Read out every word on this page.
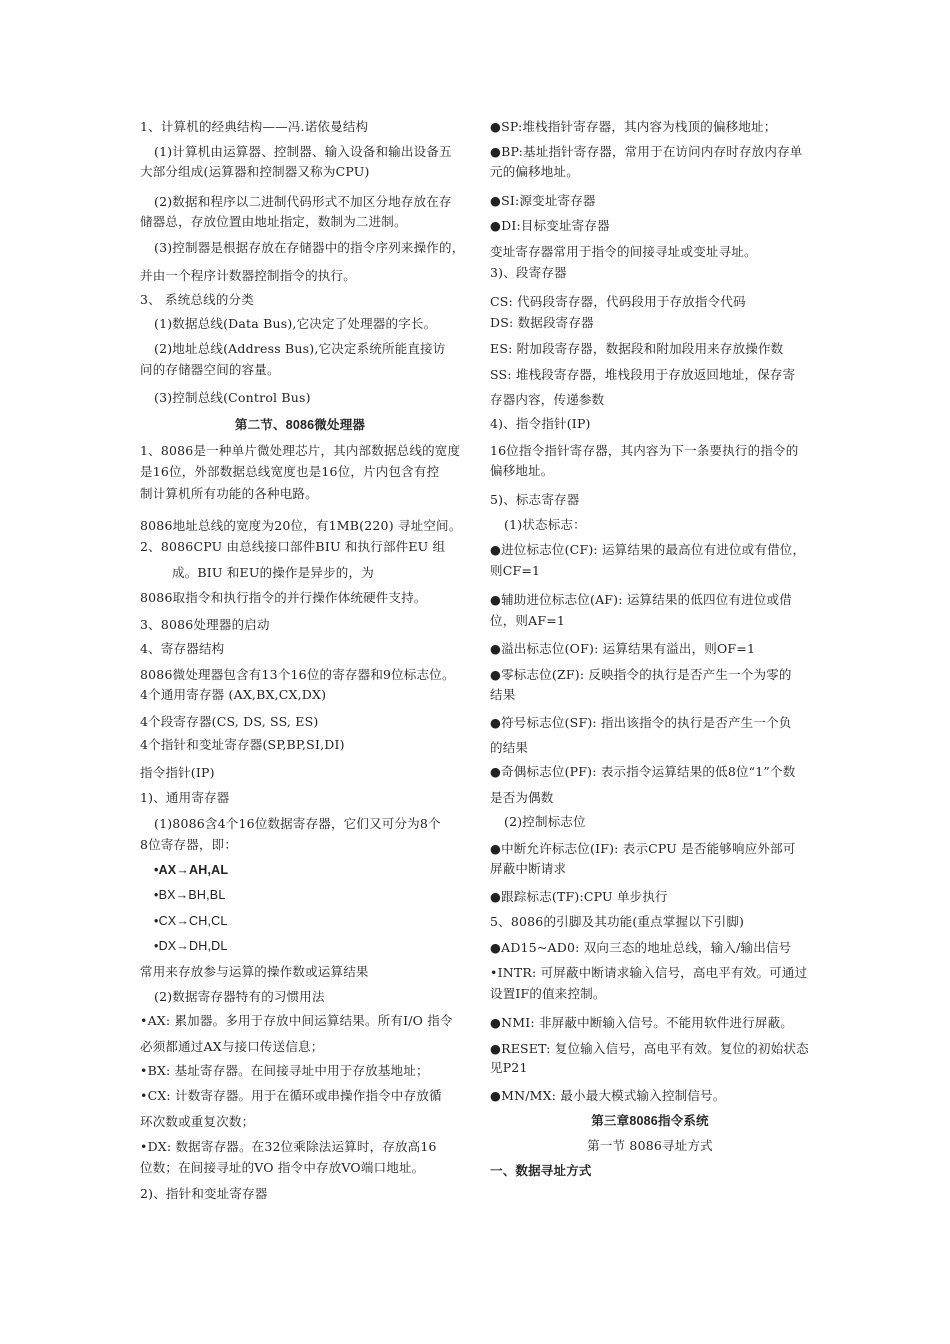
1、计算机的经典结构——冯.诺依曼结构
(1)计算机由运算器、控制器、输入设备和输出设备五
大部分组成(运算器和控制器又称为CPU)
(2)数据和程序以二进制代码形式不加区分地存放在存
储器总，存放位置由地址指定，数制为二进制。
(3)控制器是根据存放在存储器中的指令序列来操作的，
并由一个程序计数器控制指令的执行。
3、 系统总线的分类
(1)数据总线(Data Bus),它决定了处理器的字长。
(2)地址总线(Address Bus),它决定系统所能直接访
问的存储器空间的容量。
(3)控制总线(Control Bus)
第二节、8086微处理器
1、8086是一种单片微处理芯片，其内部数据总线的宽度
是16位，外部数据总线宽度也是16位，片内包含有控
制计算机所有功能的各种电路。
8086地址总线的宽度为20位，有1MB(220) 寻址空间。
2、8086CPU 由总线接口部件BIU 和执行部件EU 组
成。BIU 和EU的操作是异步的，为
8086取指令和执行指令的并行操作体统硬件支持。
3、8086处理器的启动
4、寄存器结构
8086微处理器包含有13个16位的寄存器和9位标志位。
4个通用寄存器 (AX,BX,CX,DX)
4个段寄存器(CS, DS, SS, ES)
4个指针和变址寄存器(SP,BP,SI,DI)
指令指针(IP)
1)、通用寄存器
(1)8086含4个16位数据寄存器，它们又可分为8个
8位寄存器，即：
•AX→AH,AL
•BX→BH,BL
•CX→CH,CL
•DX→DH,DL
常用来存放参与运算的操作数或运算结果
(2)数据寄存器特有的习惯用法
•AX: 累加器。多用于存放中间运算结果。所有I/O 指令
必须都通过AX与接口传送信息；
•BX: 基址寄存器。在间接寻址中用于存放基地址；
•CX: 计数寄存器。用于在循环或串操作指令中存放循
环次数或重复次数；
•DX: 数据寄存器。在32位乘除法运算时，存放高16
位数；在间接寻址的VO 指令中存放VO端口地址。
2)、指针和变址寄存器
●SP:堆栈指针寄存器，其内容为栈顶的偏移地址；
●BP:基址指针寄存器，常用于在访问内存时存放内存单
元的偏移地址。
●SI:源变址寄存器
●DI:目标变址寄存器
变址寄存器常用于指令的间接寻址或变址寻址。
3)、段寄存器
CS: 代码段寄存器，代码段用于存放指令代码
DS: 数据段寄存器
ES: 附加段寄存器，数据段和附加段用来存放操作数
SS: 堆栈段寄存器，堆栈段用于存放返回地址，保存寄
存器内容，传递参数
4)、指令指针(IP)
16位指令指针寄存器，其内容为下一条要执行的指令的
偏移地址。
5)、标志寄存器
(1)状态标志：
●进位标志位(CF): 运算结果的最高位有进位或有借位，
则CF=1
●辅助进位标志位(AF): 运算结果的低四位有进位或借
位，则AF=1
●溢出标志位(OF): 运算结果有溢出，则OF=1
●零标志位(ZF): 反映指令的执行是否产生一个为零的
结果
●符号标志位(SF): 指出该指令的执行是否产生一个负
的结果
●奇偶标志位(PF): 表示指令运算结果的低8位“1”个数
是否为偶数
(2)控制标志位
●中断允许标志位(IF): 表示CPU 是否能够响应外部可
屏蔽中断请求
●跟踪标志(TF):CPU 单步执行
5、8086的引脚及其功能(重点掌握以下引脚)
●AD15~AD0: 双向三态的地址总线，输入/输出信号
•INTR: 可屏蔽中断请求输入信号，高电平有效。可通过
设置IF的值来控制。
●NMI: 非屏蔽中断输入信号。不能用软件进行屏蔽。
●RESET: 复位输入信号，高电平有效。复位的初始状态
见P21
●MN/MX: 最小最大模式输入控制信号。
第三章8086指令系统
第一节 8086寻址方式
一、数据寻址方式
